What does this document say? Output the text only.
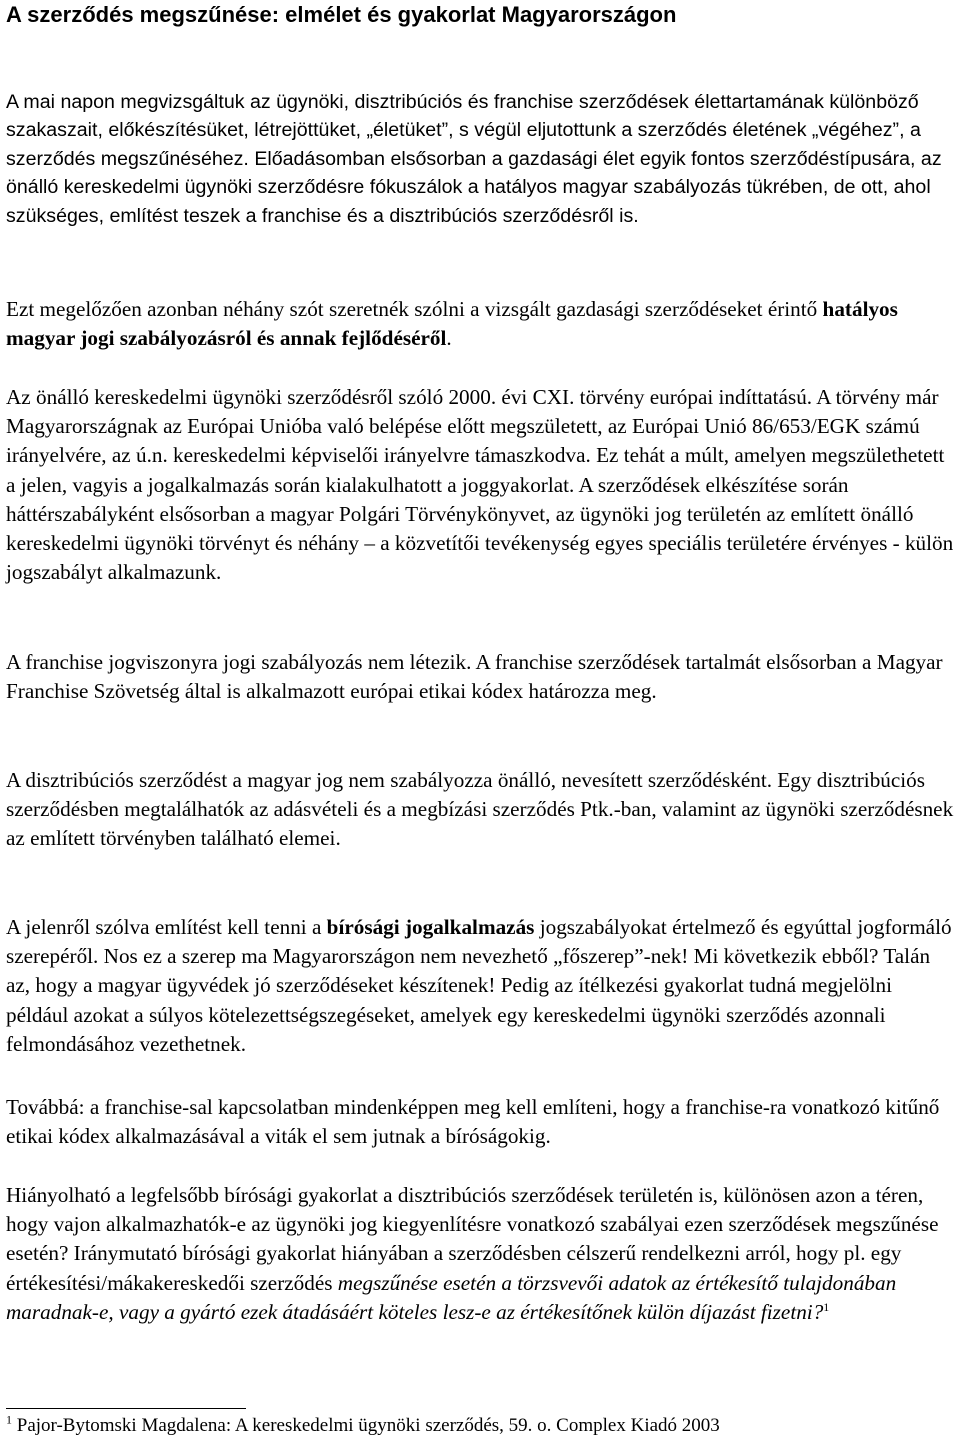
A szerződés megszűnése: elmélet és gyakorlat Magyarországon

A mai napon megvizsgáltuk az ügynöki, disztribúciós és franchise szerződések élettartamának különböző szakaszait, előkészítésüket, létrejöttüket, „életüket”, s végül eljutottunk a szerződés életének „végéhez”, a szerződés megszűnéséhez. Előadásomban elsősorban a gazdasági élet egyik fontos szerződéstípusára, az önálló kereskedelmi ügynöki szerződésre fókuszálok a hatályos magyar szabályozás tükrében, de ott, ahol szükséges, említést teszek a franchise és a disztribúciós szerződésről is.

Ezt megelőzően azonban néhány szót szeretnék szólni a vizsgált gazdasági szerződéseket érintő hatályos magyar jogi szabályozásról és annak fejlődéséről.

Az önálló kereskedelmi ügynöki szerződésről szóló 2000. évi CXI. törvény európai indíttatású. A törvény már Magyarországnak az Európai Unióba való belépése előtt megszületett, az Európai Unió 86/653/EGK számú irányelvére, az ú.n. kereskedelmi képviselői irányelvre támaszkodva. Ez tehát a múlt, amelyen megszülethetett a jelen, vagyis a jogalkalmazás során kialakulhatott a joggyakorlat. A szerződések elkészítése során háttérszabályként elsősorban a magyar Polgári Törvénykönyvet, az ügynöki jog területén az említett önálló kereskedelmi ügynöki törvényt és néhány – a közvetítői tevékenység egyes speciális területére érvényes - külön jogszabályt alkalmazunk.

A franchise jogviszonyra jogi szabályozás nem létezik. A franchise szerződések tartalmát elsősorban a Magyar Franchise Szövetség által is alkalmazott európai etikai kódex határozza meg.

A disztribúciós szerződést a magyar jog nem szabályozza önálló, nevesített szerződésként. Egy disztribúciós szerződésben megtalálhatók az adásvételi és a megbízási szerződés Ptk.-ban, valamint az ügynöki szerződésnek az említett törvényben található elemei.

A jelenről szólva említést kell tenni a bírósági jogalkalmazás jogszabályokat értelmező és egyúttal jogformáló szerepéről. Nos ez a szerep ma Magyarországon nem nevezhető „főszerep”-nek! Mi következik ebből? Talán az, hogy a magyar ügyvédek jó szerződéseket készítenek! Pedig az ítélkezési gyakorlat tudná megjelölni például azokat a súlyos kötelezettségszegéseket, amelyek egy kereskedelmi ügynöki szerződés azonnali felmondásához vezethetnek.

Továbbá: a franchise-sal kapcsolatban mindenképpen meg kell említeni, hogy a franchise-ra vonatkozó kitűnő etikai kódex alkalmazásával a viták el sem jutnak a bíróságokig.

Hiányolható a legfelsőbb bírósági gyakorlat a disztribúciós szerződések területén is, különösen azon a téren, hogy vajon alkalmazhatók-e az ügynöki jog kiegyenlítésre vonatkozó szabályai ezen szerződések megszűnése esetén? Iránymutató bírósági gyakorlat hiányában a szerződésben célszerű rendelkezni arról, hogy pl. egy értékesítési/mákakereskedői szerződés megszűnése esetén a törzsvevői adatok az értékesítő tulajdonában maradnak-e, vagy a gyártó ezek átadásáért köteles lesz-e az értékesítőnek külön díjazást fizetni?$^1$

$^1$ Pajor-Bytomski Magdalena: A kereskedelmi ügynöki szerződés, 59. o. Complex Kiadó 2003
